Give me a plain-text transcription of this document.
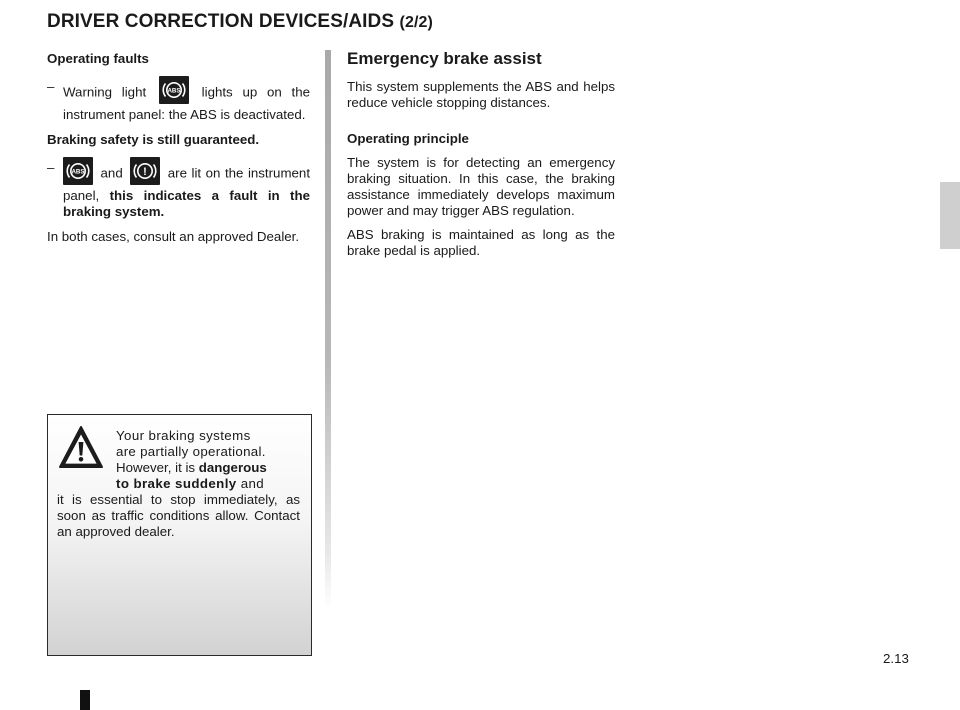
DRIVER CORRECTION DEVICES/AIDS (2/2)

Operating faults

– Warning light	ABS lights up on the instrument panel: the ABS is deactivated.

Braking safety is still guaranteed.

–	ABS and ! are lit on the instrument panel, this indicates a fault in the braking system.

In both cases, consult an approved Dealer.

Your braking systems
are partially operational.
However, it is dangerous
to brake suddenly and
it is essential to stop immediately, as soon as traffic conditions allow. Contact an approved dealer.
Emergency brake assist

This system supplements the ABS and helps reduce vehicle stopping distances.

Operating principle

The system is for detecting an emergency braking situation. In this case, the braking assistance immediately develops maximum power and may trigger ABS regulation.

ABS braking is maintained as long as the brake pedal is applied.

2.13
